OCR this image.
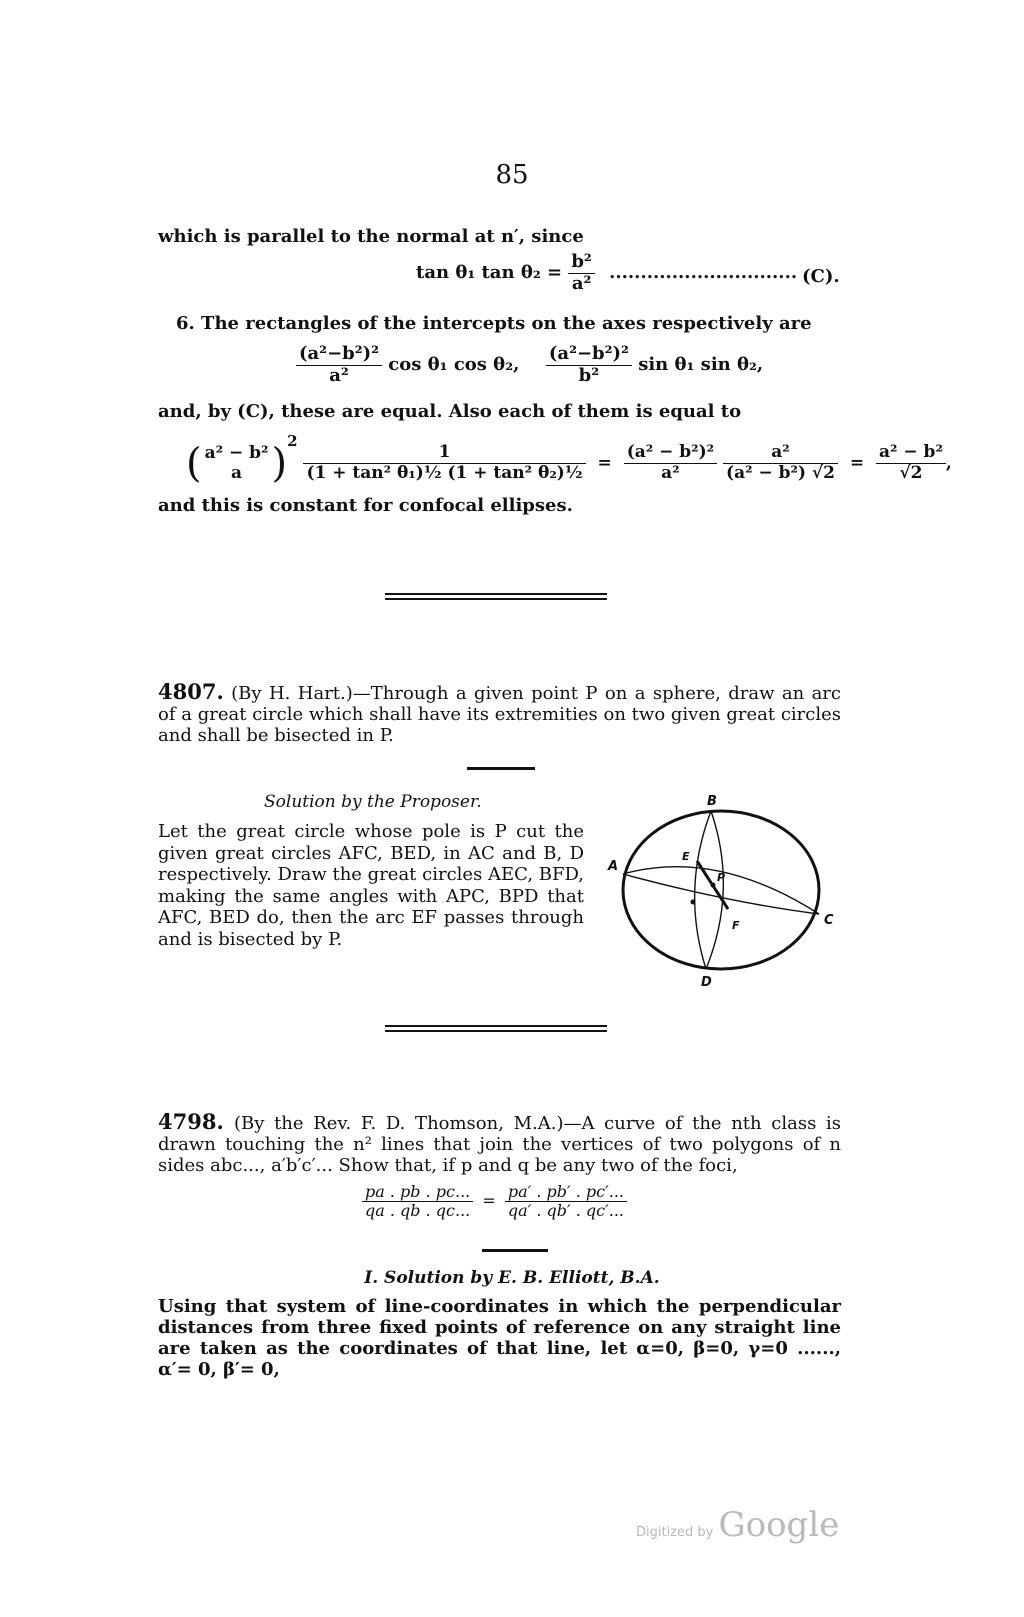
85
which is parallel to the normal at n′, since
tan θ₁ $\tan \theta_2 = \frac{\text{b²}}{\text{a²}}$ .............................. (C).
6. The rectangles of the intercepts on the axes respectively are
$\frac{\text{(a²−b²)²}}{\text{a²}}$ cos θ₁ cos θ₂, $\frac{\text{(a²−b²)²}}{\text{b²}}$ sin θ₁ sin θ₂,
and, by (C), these are equal. Also each of them is equal to
( a² − b²
a )$^2$
$\frac{1}{\text{(1 + tan² θ₁)½ (1 + tan² θ₂)½}} = \frac{\text{(a² − b²)²}}{\text{a²}}$
$\frac{\text{a²}}{\text{(a² − b²) √2}} = \frac{\text{a² − b²}}{√2}$ ,
and this is constant for confocal ellipses.
4807. (By H. Hart.)—Through a given point P on a sphere, draw an arc of a great circle which shall have its extremities on two given great circles and shall be bisected in P.
Solution by the Proposer.
Let the great circle whose pole is P cut the given great circles AFC, BED, in AC and B, D respectively. Draw the great circles AEC, BFD, making the same angles with APC, BPD that AFC, BED do, then the arc EF passes through and is bisected by P.
B
A
C
D
E
F
P
4798. (By the Rev. F. D. Thomson, M.A.)—A curve of the nth class is drawn touching the n² lines that join the vertices of two polygons of n sides abc..., a′b′c′... Show that, if p and q be any two of the foci,
$\frac{pa . pb . pc...}{qa . qb . qc...} = \frac{pa' . pb' . pc'...}{qa' . qb' . qc'...}$
I. Solution by E. B. Elliott, B.A.
Using that system of line-coordinates in which the perpendicular distances from three fixed points of reference on any straight line are taken as the coordinates of that line, let α=0, β=0, γ=0 ......, α′= 0, β′= 0,
Digitized by Google
